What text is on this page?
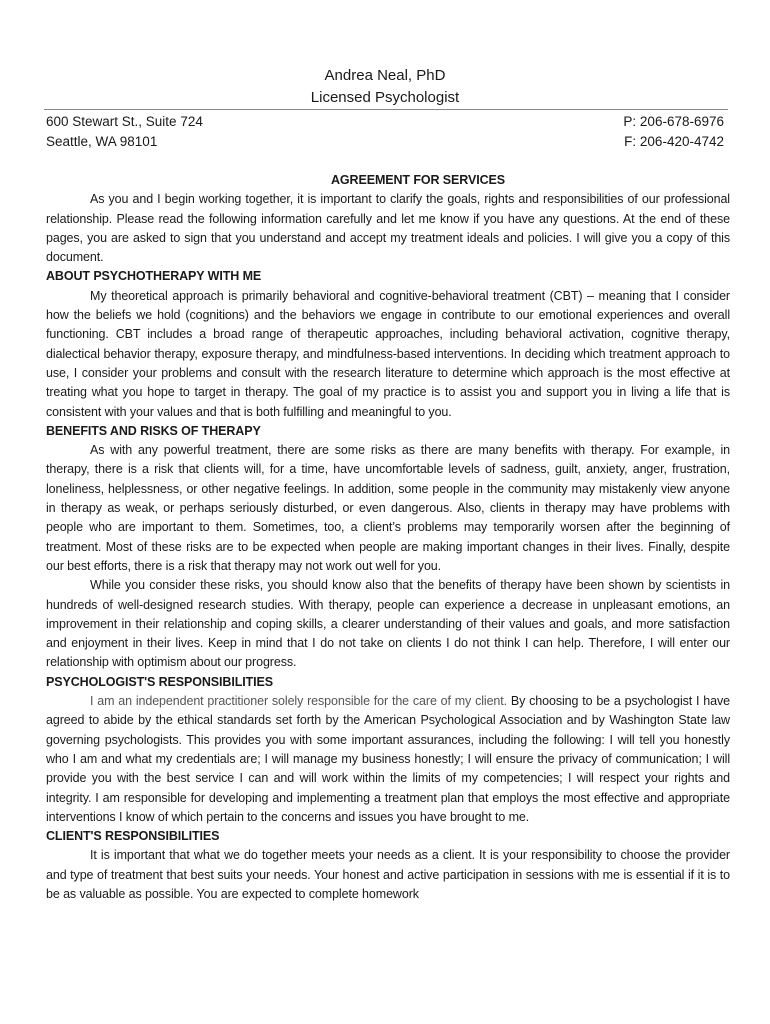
Andrea Neal, PhD
Licensed Psychologist
600 Stewart St., Suite 724
Seattle, WA 98101
P: 206-678-6976
F: 206-420-4742

AGREEMENT FOR SERVICES

As you and I begin working together, it is important to clarify the goals, rights and responsibilities of our professional relationship. Please read the following information carefully and let me know if you have any questions. At the end of these pages, you are asked to sign that you understand and accept my treatment ideals and policies. I will give you a copy of this document.

ABOUT PSYCHOTHERAPY WITH ME

My theoretical approach is primarily behavioral and cognitive-behavioral treatment (CBT) – meaning that I consider how the beliefs we hold (cognitions) and the behaviors we engage in contribute to our emotional experiences and overall functioning. CBT includes a broad range of therapeutic approaches, including behavioral activation, cognitive therapy, dialectical behavior therapy, exposure therapy, and mindfulness-based interventions. In deciding which treatment approach to use, I consider your problems and consult with the research literature to determine which approach is the most effective at treating what you hope to target in therapy. The goal of my practice is to assist you and support you in living a life that is consistent with your values and that is both fulfilling and meaningful to you.

BENEFITS AND RISKS OF THERAPY

As with any powerful treatment, there are some risks as there are many benefits with therapy. For example, in therapy, there is a risk that clients will, for a time, have uncomfortable levels of sadness, guilt, anxiety, anger, frustration, loneliness, helplessness, or other negative feelings. In addition, some people in the community may mistakenly view anyone in therapy as weak, or perhaps seriously disturbed, or even dangerous. Also, clients in therapy may have problems with people who are important to them. Sometimes, too, a client’s problems may temporarily worsen after the beginning of treatment. Most of these risks are to be expected when people are making important changes in their lives. Finally, despite our best efforts, there is a risk that therapy may not work out well for you.

While you consider these risks, you should know also that the benefits of therapy have been shown by scientists in hundreds of well-designed research studies. With therapy, people can experience a decrease in unpleasant emotions, an improvement in their relationship and coping skills, a clearer understanding of their values and goals, and more satisfaction and enjoyment in their lives. Keep in mind that I do not take on clients I do not think I can help. Therefore, I will enter our relationship with optimism about our progress.

PSYCHOLOGIST'S RESPONSIBILITIES

I am an independent practitioner solely responsible for the care of my client. By choosing to be a psychologist I have agreed to abide by the ethical standards set forth by the American Psychological Association and by Washington State law governing psychologists. This provides you with some important assurances, including the following: I will tell you honestly who I am and what my credentials are; I will manage my business honestly; I will ensure the privacy of communication; I will provide you with the best service I can and will work within the limits of my competencies; I will respect your rights and integrity. I am responsible for developing and implementing a treatment plan that employs the most effective and appropriate interventions I know of which pertain to the concerns and issues you have brought to me.

CLIENT'S RESPONSIBILITIES

It is important that what we do together meets your needs as a client. It is your responsibility to choose the provider and type of treatment that best suits your needs. Your honest and active participation in sessions with me is essential if it is to be as valuable as possible. You are expected to complete homework
